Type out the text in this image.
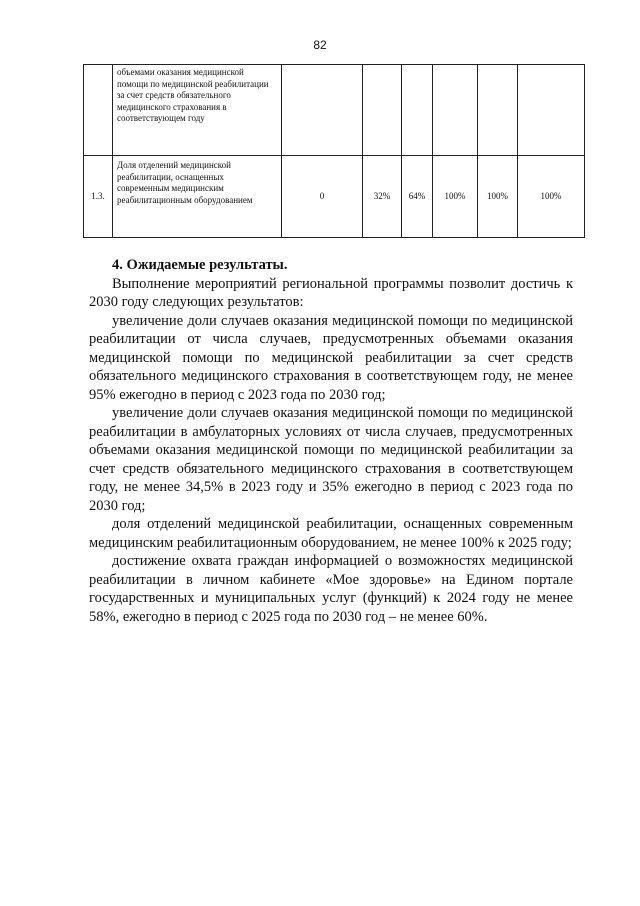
82
	объемами оказания медицинской помощи по медицинской реабилитации за счет средств обязательного медицинского страхования в соответствующем году						
1.3.	Доля отделений медицинской реабилитации, оснащенных современным медицинским реабилитационным оборудованием	0	32%	64%	100%	100%	100%
4. Ожидаемые результаты.

Выполнение мероприятий региональной программы позволит достичь к 2030 году следующих результатов:

увеличение доли случаев оказания медицинской помощи по медицинской реабилитации от числа случаев, предусмотренных объемами оказания медицинской помощи по медицинской реабилитации за счет средств обязательного медицинского страхования в соответствующем году, не менее 95% ежегодно в период с 2023 года по 2030 год;

увеличение доли случаев оказания медицинской помощи по медицинской реабилитации в амбулаторных условиях от числа случаев, предусмотренных объемами оказания медицинской помощи по медицинской реабилитации за счет средств обязательного медицинского страхования в соответствующем году, не менее 34,5% в 2023 году и 35% ежегодно в период с 2023 года по 2030 год;

доля отделений медицинской реабилитации, оснащенных современным медицинским реабилитационным оборудованием, не менее 100% к 2025 году;

достижение охвата граждан информацией о возможностях медицинской реабилитации в личном кабинете «Мое здоровье» на Едином портале государственных и муниципальных услуг (функций) к 2024 году не менее 58%, ежегодно в период с 2025 года по 2030 год – не менее 60%.
